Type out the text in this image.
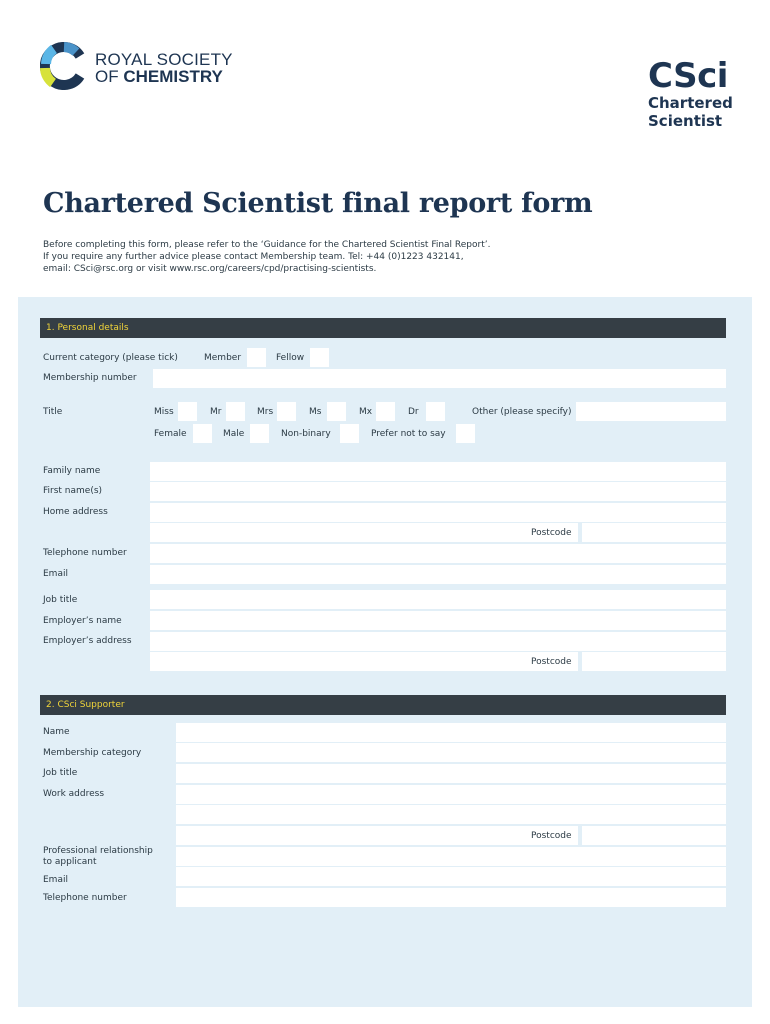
ROYAL SOCIETY
OF CHEMISTRY	CSci
Chartered
Scientist
Chartered Scientist final report form
Before completing this form, please refer to the ‘Guidance for the Chartered Scientist Final Report’.
If you require any further advice please contact Membership team. Tel: +44 (0)1223 432141,
email: CSci@rsc.org or visit www.rsc.org/careers/cpd/practising-scientists.
1. Personal details
Current category (please tick)	Member	Fellow
Membership number
Title	Miss	Mr	Mrs	Ms	Mx	Dr	Other (please specify)
Female	Male	Non-binary	Prefer not to say
Family name
First name(s)
Home address
Postcode
Telephone number
Email
Job title
Employer’s name
Employer’s address
Postcode
2. CSci Supporter
Name
Membership category
Job title
Work address
Postcode
Professional relationship
to applicant
Email
Telephone number
